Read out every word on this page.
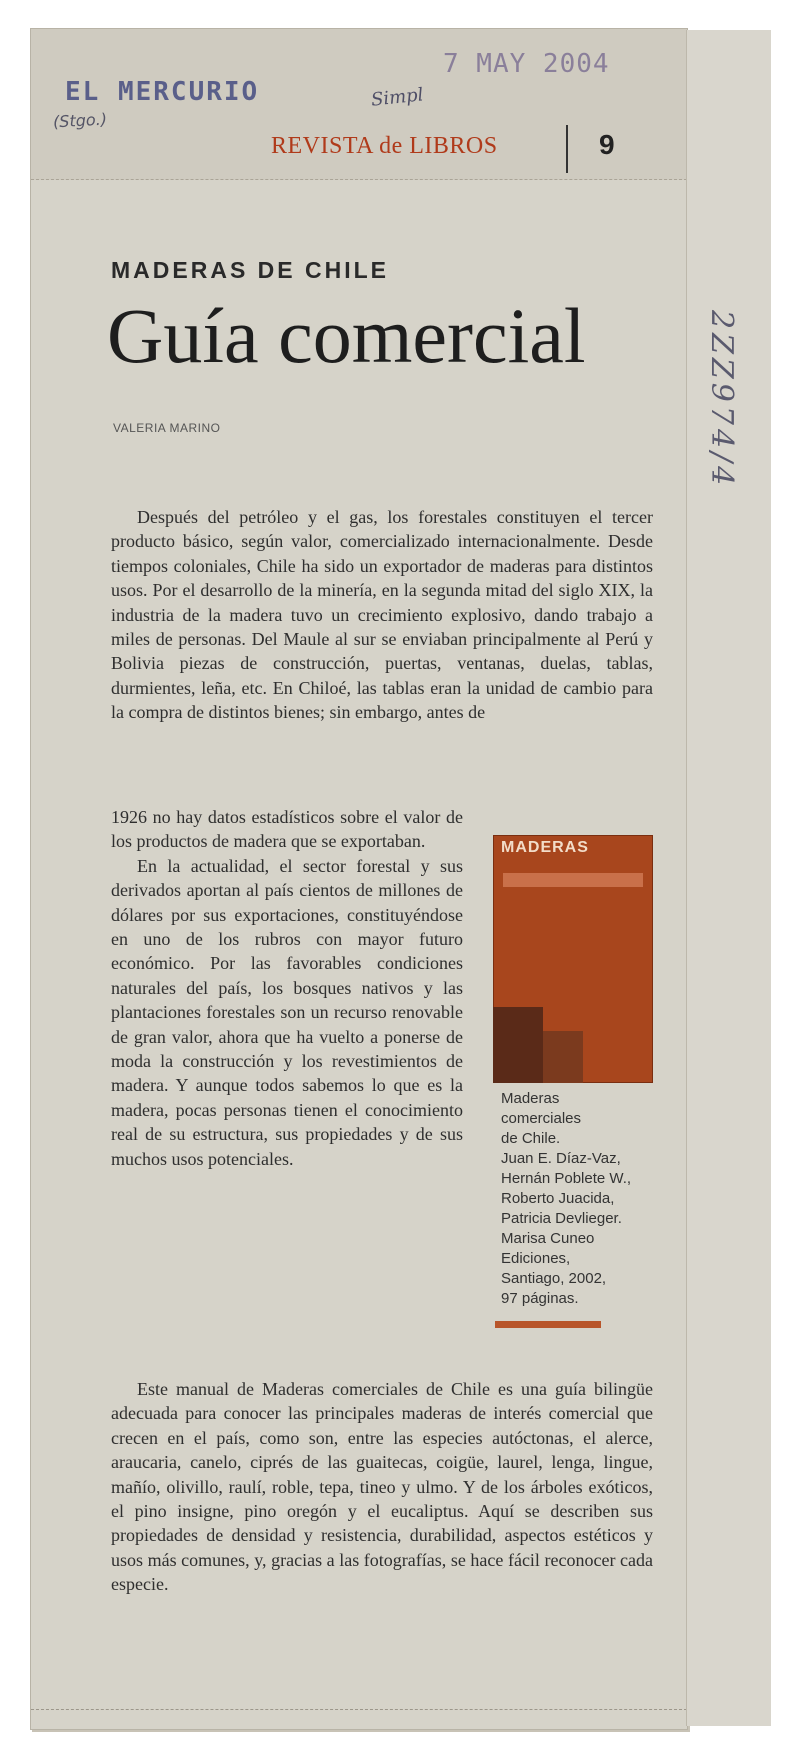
EL MERCURIO
(Stgo.)
7 MAY 2004
Simpl
REVISTA de LIBROS	9
MADERAS DE CHILE
Guía comercial
VALERIA MARINO

Después del petróleo y el gas, los forestales constituyen el tercer producto básico, según valor, comercializado internacionalmente. Desde tiempos coloniales, Chile ha sido un exportador de maderas para distintos usos. Por el desarrollo de la minería, en la segunda mitad del siglo XIX, la industria de la madera tuvo un crecimiento explosivo, dando trabajo a miles de personas. Del Maule al sur se enviaban principalmente al Perú y Bolivia piezas de construcción, puertas, ventanas, duelas, tablas, durmientes, leña, etc. En Chiloé, las tablas eran la unidad de cambio para la compra de distintos bienes; sin embargo, antes de

1926 no hay datos estadísticos sobre el valor de los productos de madera que se exportaban.

En la actualidad, el sector forestal y sus derivados aportan al país cientos de millones de dólares por sus exportaciones, constituyéndose en uno de los rubros con mayor futuro económico. Por las favorables condiciones naturales del país, los bosques nativos y las plantaciones forestales son un recurso renovable de gran valor, ahora que ha vuelto a ponerse de moda la construcción y los revestimientos de madera. Y aunque todos sabemos lo que es la madera, pocas personas tienen el conocimiento real de su estructura, sus propiedades y de sus muchos usos potenciales.

MADERAS
Maderas
comerciales
de Chile.
Juan E. Díaz-Vaz,
Hernán Poblete W.,
Roberto Juacida,
Patricia Devlieger.
Marisa Cuneo
Ediciones,
Santiago, 2002,
97 páginas.

Este manual de Maderas comerciales de Chile es una guía bilingüe adecuada para conocer las principales maderas de interés comercial que crecen en el país, como son, entre las especies autóctonas, el alerce, araucaria, canelo, ciprés de las guaitecas, coigüe, laurel, lenga, lingue, mañío, olivillo, raulí, roble, tepa, tineo y ulmo. Y de los árboles exóticos, el pino insigne, pino oregón y el eucaliptus. Aquí se describen sus propiedades de densidad y resistencia, durabilidad, aspectos estéticos y usos más comunes, y, gracias a las fotografías, se hace fácil reconocer cada especie.

2ZZ974/4
